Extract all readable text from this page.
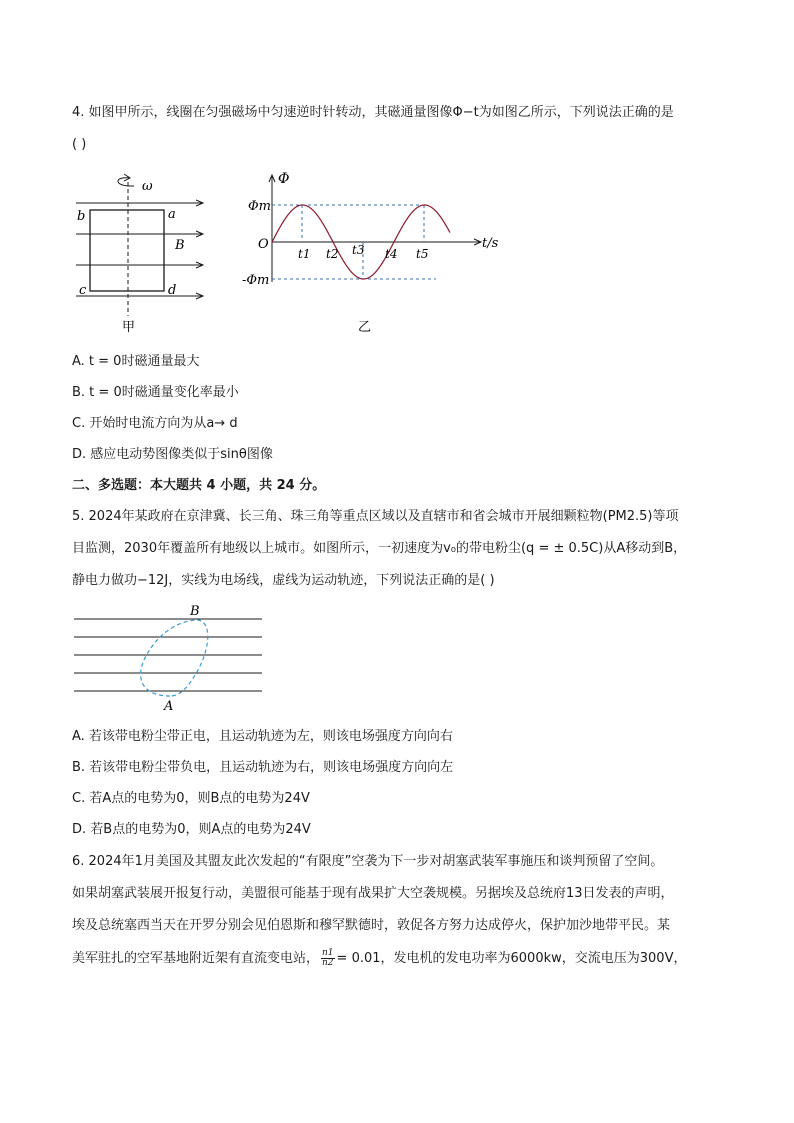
4. 如图甲所示，线圈在匀强磁场中匀速逆时针转动，其磁通量图像Φ−t为如图乙所示，下列说法正确的是
( )
ω
b	a
B
c	d
甲
Φ
Φm
-Φm
O	t/s
t1 t2 t3 t4 t5
乙
A. t = 0时磁通量最大
B. t = 0时磁通量变化率最小
C. 开始时电流方向为从a→ d
D. 感应电动势图像类似于sinθ图像
二、多选题：本大题共 4 小题，共 24 分。
5. 2024年某政府在京津冀、长三角、珠三角等重点区域以及直辖市和省会城市开展细颗粒物(PM2.5)等项
目监测，2030年覆盖所有地级以上城市。如图所示，一初速度为v₀的带电粉尘(q = ± 0.5C)从A移动到B，
静电力做功−12J，实线为电场线，虚线为运动轨迹，下列说法正确的是( )
B
A
A. 若该带电粉尘带正电，且运动轨迹为左，则该电场强度方向向右
B. 若该带电粉尘带负电，且运动轨迹为右，则该电场强度方向向左
C. 若A点的电势为0，则B点的电势为24V
D. 若B点的电势为0，则A点的电势为24V
6. 2024年1月美国及其盟友此次发起的“有限度”空袭为下一步对胡塞武装军事施压和谈判预留了空间。
如果胡塞武装展开报复行动，美盟很可能基于现有战果扩大空袭规模。另据埃及总统府13日发表的声明，
埃及总统塞西当天在开罗分别会见伯恩斯和穆罕默德时，敦促各方努力达成停火，保护加沙地带平民。某
美军驻扎的空军基地附近架有直流变电站， $\frac{n1}{n2} = 0.01$，发电机的发电功率为6000kw，交流电压为300V，
